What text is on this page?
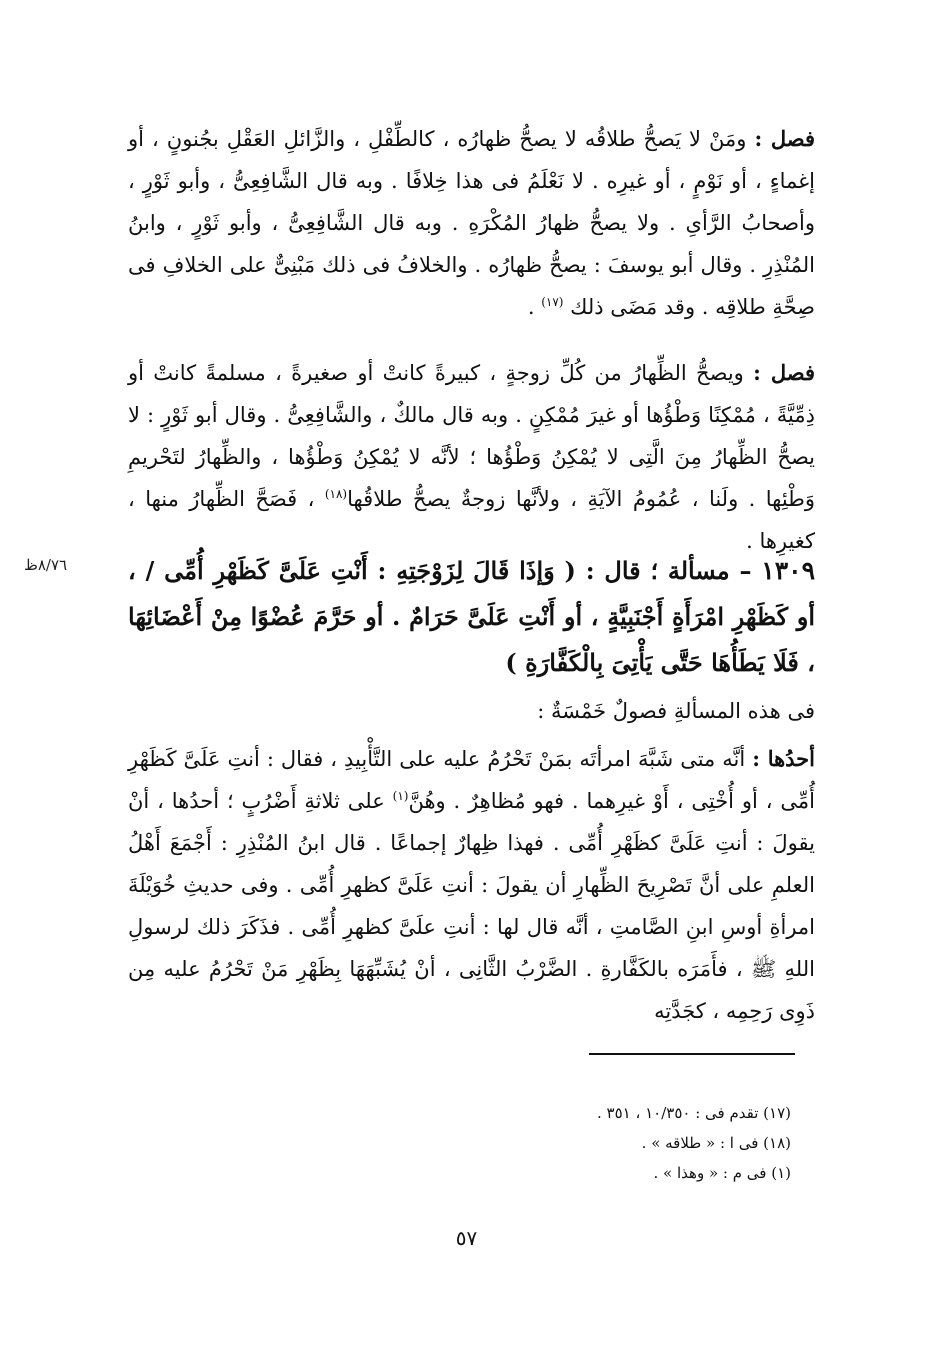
فصل : ومَنْ لا يَصحُّ طلاقُه لا يصحُّ ظهارُه ، كالطِّفْلِ ، والزَّائلِ العَقْلِ بجُنونٍ ، أو إغماءٍ ، أو نَوْمٍ ، أو غيرِه . لا نَعْلَمُ فى هذا خِلافًا . وبه قال الشَّافِعِىُّ ، وأبو ثَوْرٍ ، وأصحابُ الرَّأىِ . ولا يصحُّ ظهارُ المُكْرَهِ . وبه قال الشَّافِعِىُّ ، وأبو ثَوْرٍ ، وابنُ المُنْذِرِ . وقال أبو يوسفَ : يصحُّ ظهارُه . والخلافُ فى ذلك مَبْنِىٌّ على الخلافِ فى صِحَّةِ طلاقِه . وقد مَضَى ذلك $^{(١٧)}$ .

فصل : ويصحُّ الظِّهارُ من كُلِّ زوجةٍ ، كبيرةً كانتْ أو صغيرةً ، مسلمةً كانتْ أو ذِمِّيَّةً ، مُمْكِنًا وَطْؤُها أو غيرَ مُمْكِنٍ . وبه قال مالكٌ ، والشَّافِعِىُّ . وقال أبو ثَوْرٍ : لا يصحُّ الظِّهارُ مِنَ الَّتِى لا يُمْكِنُ وَطْؤُها ؛ لأنَّه لا يُمْكِنُ وَطْؤُها ، والظِّهارُ لتَحْريمِ وَطْئِها . ولَنا ، عُمُومُ الآيَةِ ، ولأنَّها زوجةٌ يصحُّ طلاقُها$^{(١٨)}$ ، فَصَحَّ الظِّهارُ منها ، كغيرِها .

٨/٧٦ظ	١٣٠٩ – مسألة ؛ قال : ( وَإذَا قَالَ لِزَوْجَتِهِ : أَنْتِ عَلَىَّ كَظَهْرِ أُمِّى / ، أو كَظَهْرِ امْرَأَةٍ أَجْنَبِيَّةٍ ، أو أَنْتِ عَلَىَّ حَرَامٌ . أو حَرَّمَ عُضْوًا مِنْ أَعْضَائِهَا ، فَلَا يَطَأُهَا حَتَّى يَأْتِىَ بِالْكَفَّارَةِ )

فى هذه المسألةِ فصولٌ خَمْسَةٌ :

أحدُها : أنَّه متى شَبَّهَ امرأتَه بمَنْ تَحْرُمُ عليه على التَّأْبِيدِ ، فقال : أنتِ عَلَىَّ كَظَهْرِ أُمِّى ، أو أُخْتِى ، أَوْ غيرِهما . فهو مُظاهِرٌ . وهُنَّ$^{(١)}$ على ثلاثةِ أَضْرُبٍ ؛ أحدُها ، أنْ يقولَ : أنتِ عَلَىَّ كظَهْرِ أُمِّى . فهذا ظِهارٌ إجماعًا . قال ابنُ المُنْذِرِ : أَجْمَعَ أَهْلُ العلمِ على أنَّ تَصْرِيحَ الظِّهارِ أن يقولَ : أنتِ عَلَىَّ كظهرِ أُمِّى . وفى حديثِ خُوَيْلَةَ امرأةِ أوسِ ابنِ الصَّامتِ ، أنَّه قال لها : أنتِ علَىَّ كظهرِ أُمِّى . فذَكَرَ ذلك لرسولِ اللهِ ﷺ ، فأَمَرَه بالكَفَّارةِ . الضَّرْبُ الثَّانِى ، أنْ يُشَبِّهَهَا بِظَهْرِ مَنْ تَحْرُمُ عليه مِن ذَوِى رَحِمِه ، كجَدَّتِه

(١٧) تقدم فى : ١٠/٣٥٠ ، ٣٥١ .

(١٨) فى ا : « طلاقه » .

(١) فى م : « وهذا » .

٥٧
